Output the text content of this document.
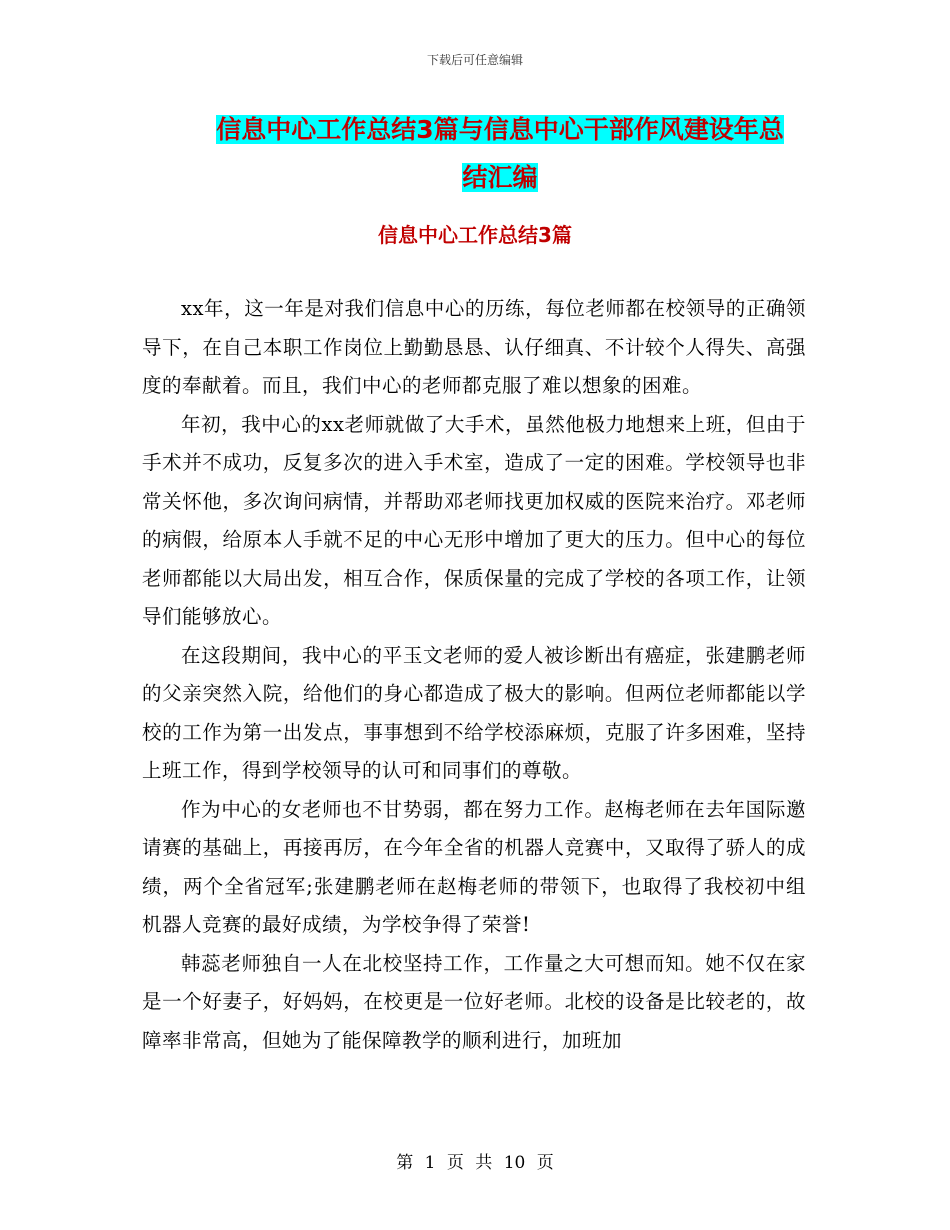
下载后可任意编辑
信息中心工作总结3篇与信息中心干部作风建设年总
结汇编
信息中心工作总结3篇

xx年，这一年是对我们信息中心的历练，每位老师都在校领导的正确领导下，在自己本职工作岗位上勤勤恳恳、认仔细真、不计较个人得失、高强度的奉献着。而且，我们中心的老师都克服了难以想象的困难。

年初，我中心的xx老师就做了大手术，虽然他极力地想来上班，但由于手术并不成功，反复多次的进入手术室，造成了一定的困难。学校领导也非常关怀他，多次询问病情，并帮助邓老师找更加权威的医院来治疗。邓老师的病假，给原本人手就不足的中心无形中增加了更大的压力。但中心的每位老师都能以大局出发，相互合作，保质保量的完成了学校的各项工作，让领导们能够放心。

在这段期间，我中心的平玉文老师的爱人被诊断出有癌症，张建鹏老师的父亲突然入院，给他们的身心都造成了极大的影响。但两位老师都能以学校的工作为第一出发点，事事想到不给学校添麻烦，克服了许多困难，坚持上班工作，得到学校领导的认可和同事们的尊敬。

作为中心的女老师也不甘势弱，都在努力工作。赵梅老师在去年国际邀请赛的基础上，再接再厉，在今年全省的机器人竞赛中，又取得了骄人的成绩，两个全省冠军;张建鹏老师在赵梅老师的带领下，也取得了我校初中组机器人竞赛的最好成绩，为学校争得了荣誉!

韩蕊老师独自一人在北校坚持工作，工作量之大可想而知。她不仅在家是一个好妻子，好妈妈，在校更是一位好老师。北校的设备是比较老的，故障率非常高，但她为了能保障教学的顺利进行，加班加

第 1 页 共 10 页
